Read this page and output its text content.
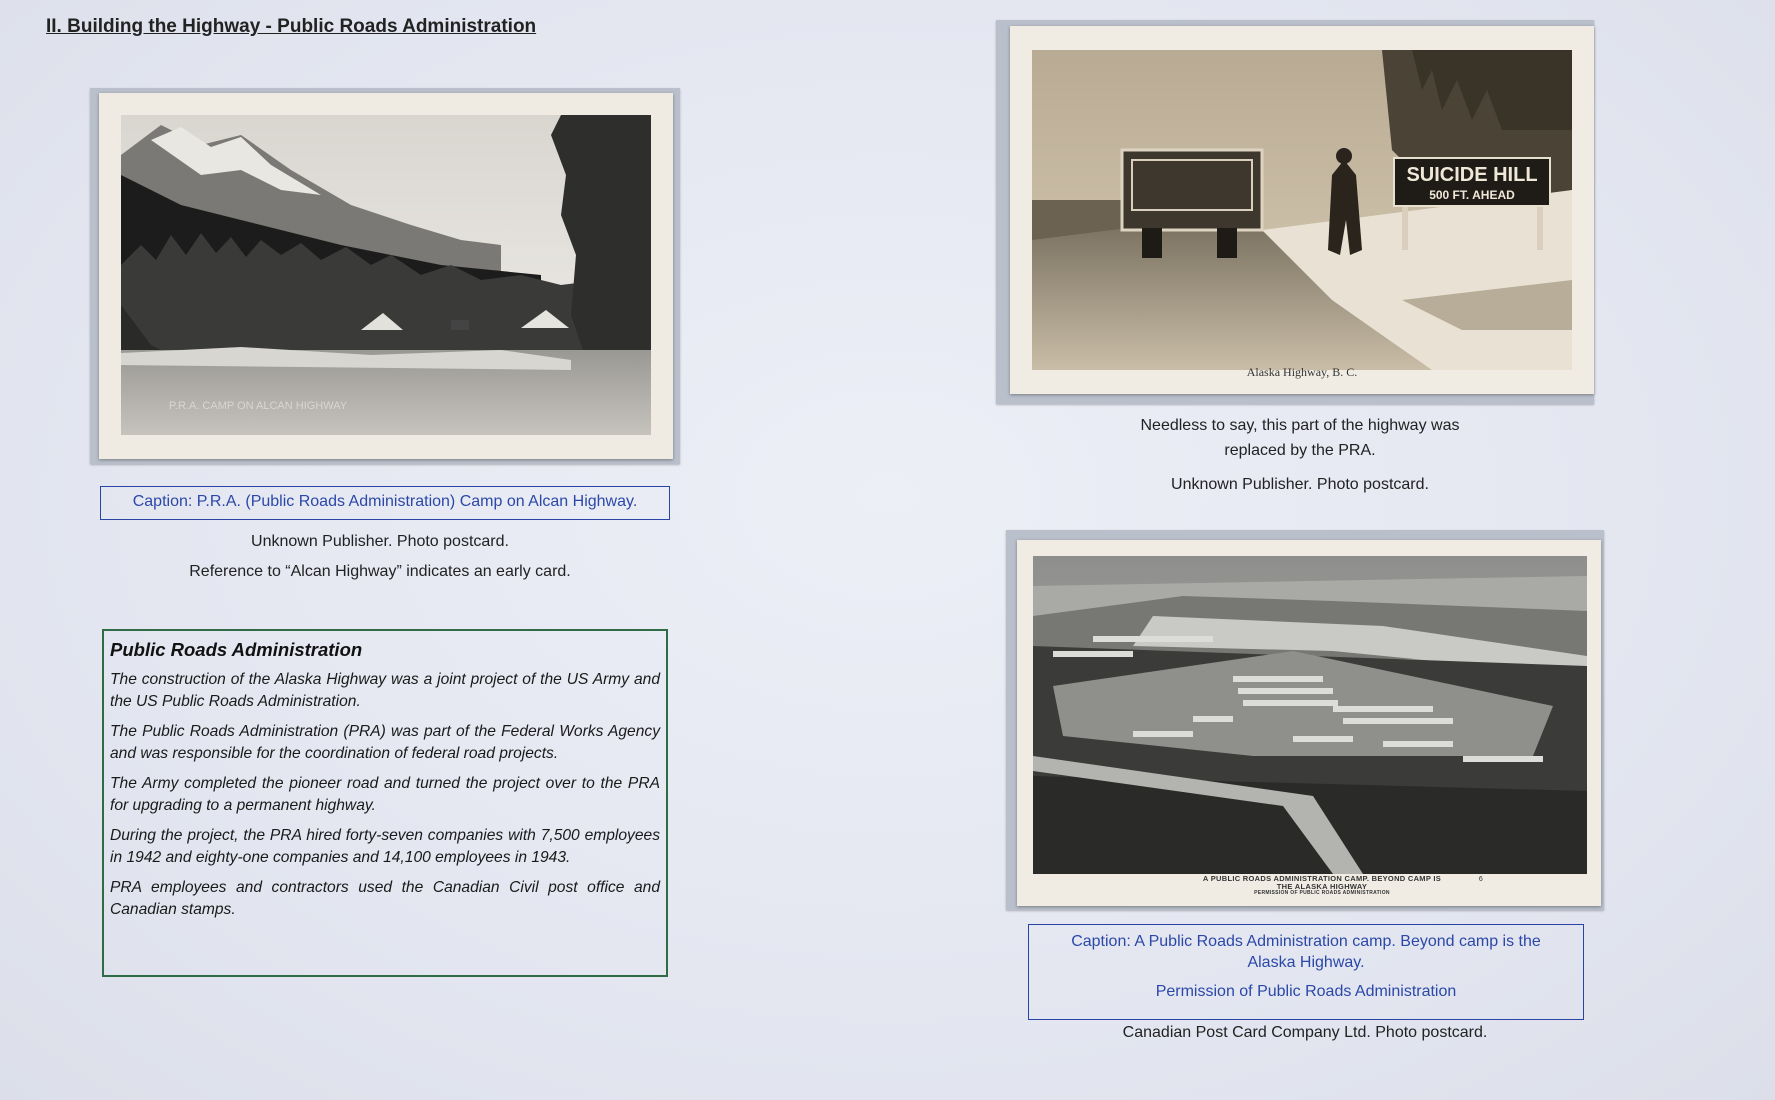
II. Building the Highway - Public Roads Administration
P.R.A. CAMP ON ALCAN HIGHWAY
Caption: P.R.A. (Public Roads Administration) Camp on Alcan Highway.
Unknown Publisher. Photo postcard.
Reference to “Alcan Highway” indicates an early card.
Public Roads Administration

The construction of the Alaska Highway was a joint project of the US Army and the US Public Roads Administration.

The Public Roads Administration (PRA) was part of the Federal Works Agency and was responsible for the coordination of federal road projects.

The Army completed the pioneer road and turned the project over to the PRA for upgrading to a permanent highway.

During the project, the PRA hired forty-seven companies with 7,500 employees in 1942 and eighty-one companies and 14,100 employees in 1943.

PRA employees and contractors used the Canadian Civil post office and Canadian stamps.

SUICIDE HILL
500 FT. AHEAD
Alaska Highway, B. C.
Needless to say, this part of the highway was
replaced by the PRA.
Unknown Publisher. Photo postcard.
A PUBLIC ROADS ADMINISTRATION CAMP. BEYOND CAMP IS
THE ALASKA HIGHWAY
PERMISSION OF PUBLIC ROADS ADMINISTRATION
6
Caption: A Public Roads Administration camp. Beyond camp is the
Alaska Highway.
Permission of Public Roads Administration
Canadian Post Card Company Ltd. Photo postcard.
